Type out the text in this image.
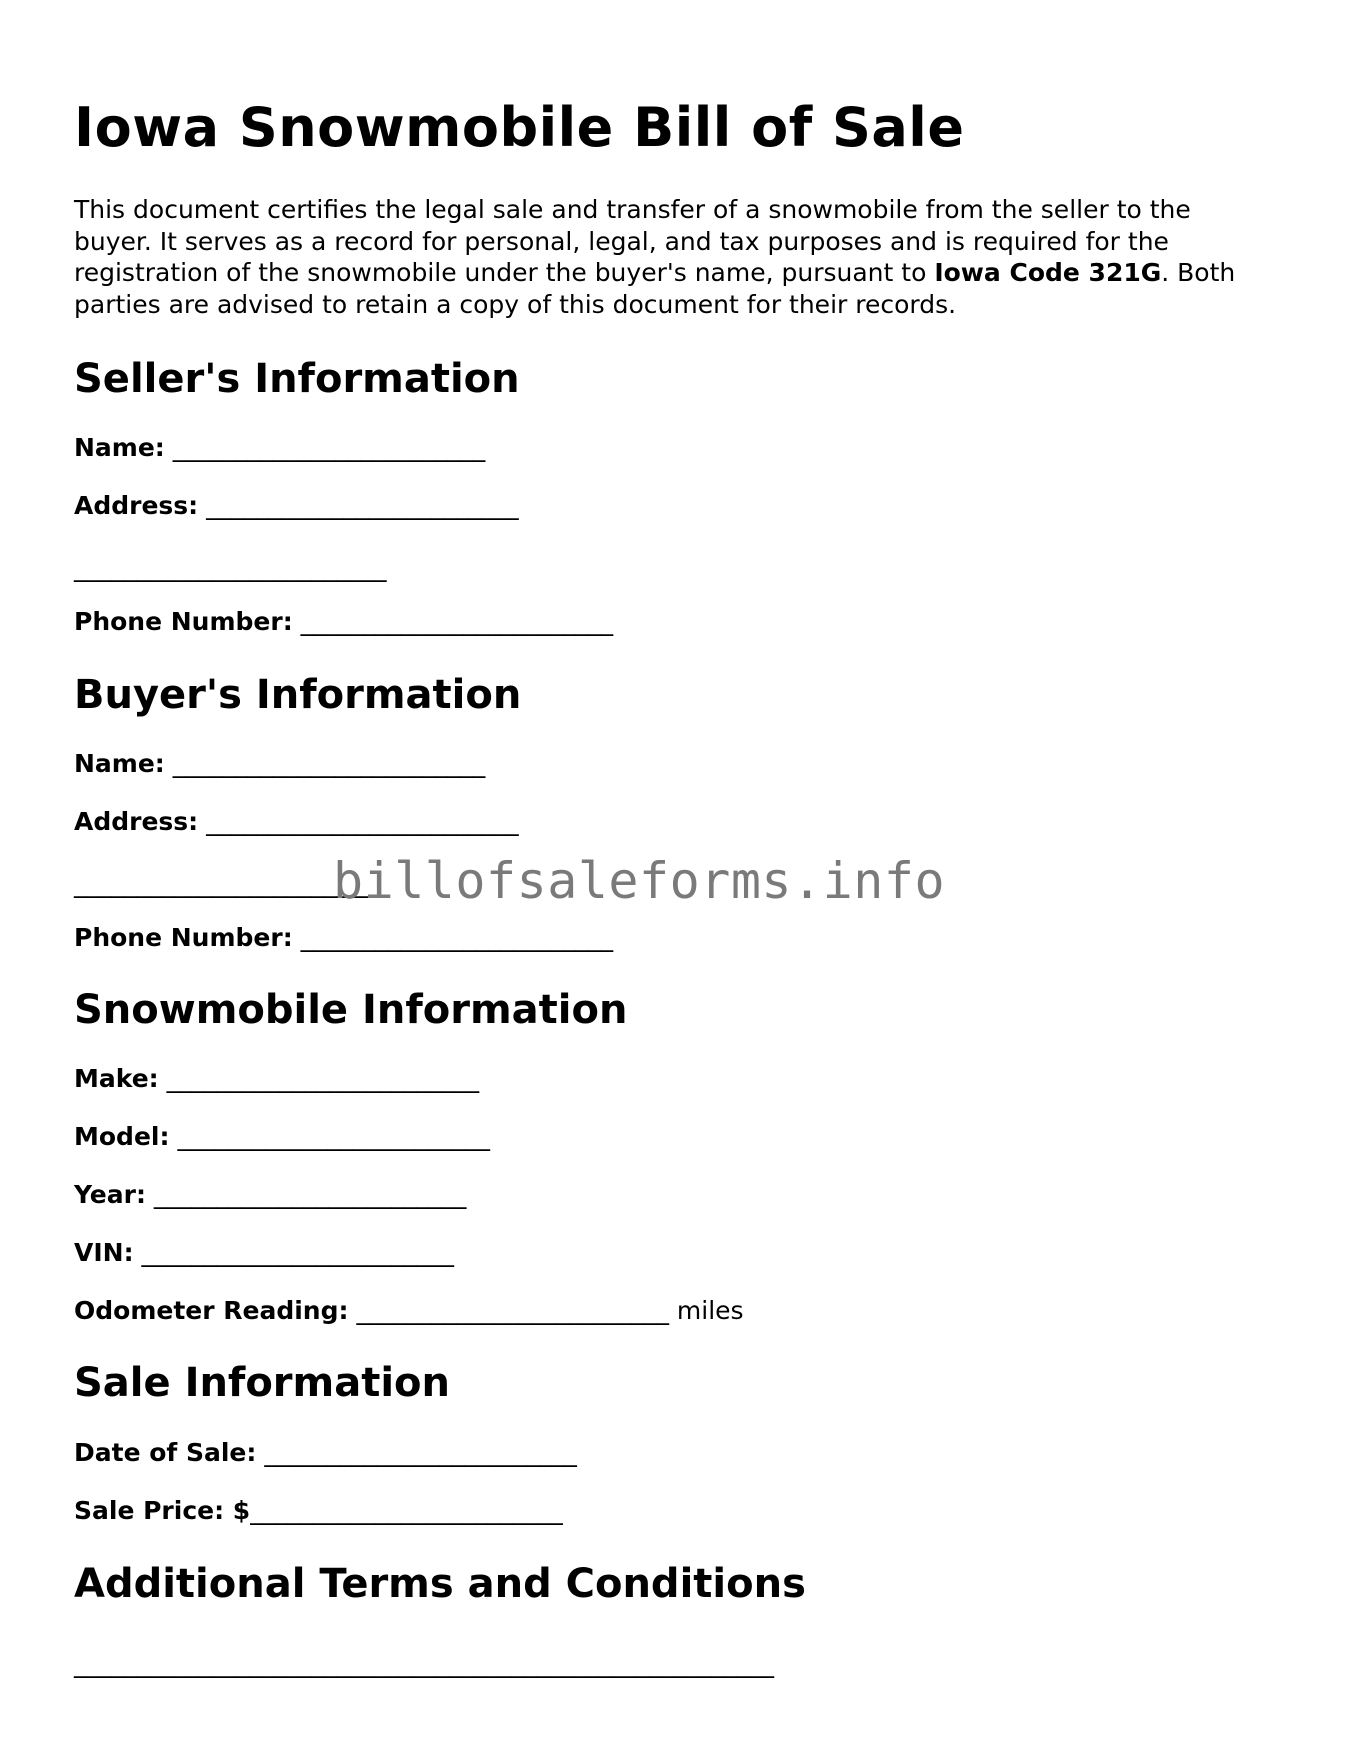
Iowa Snowmobile Bill of Sale

This document certifies the legal sale and transfer of a snowmobile from the seller to the buyer. It serves as a record for personal, legal, and tax purposes and is required for the registration of the snowmobile under the buyer's name, pursuant to Iowa Code 321G. Both parties are advised to retain a copy of this document for their records.

Seller's Information
Name: _________________________
Address: _________________________
_________________________
Phone Number: _________________________
Buyer's Information
Name: _________________________
Address: _________________________
_________________________
Phone Number: _________________________
Snowmobile Information
Make: _________________________
Model: _________________________
Year: _________________________
VIN: _________________________
Odometer Reading: _________________________ miles
Sale Information
Date of Sale: _________________________
Sale Price: $_________________________
Additional Terms and Conditions
________________________________________________________
billofsaleforms.info
